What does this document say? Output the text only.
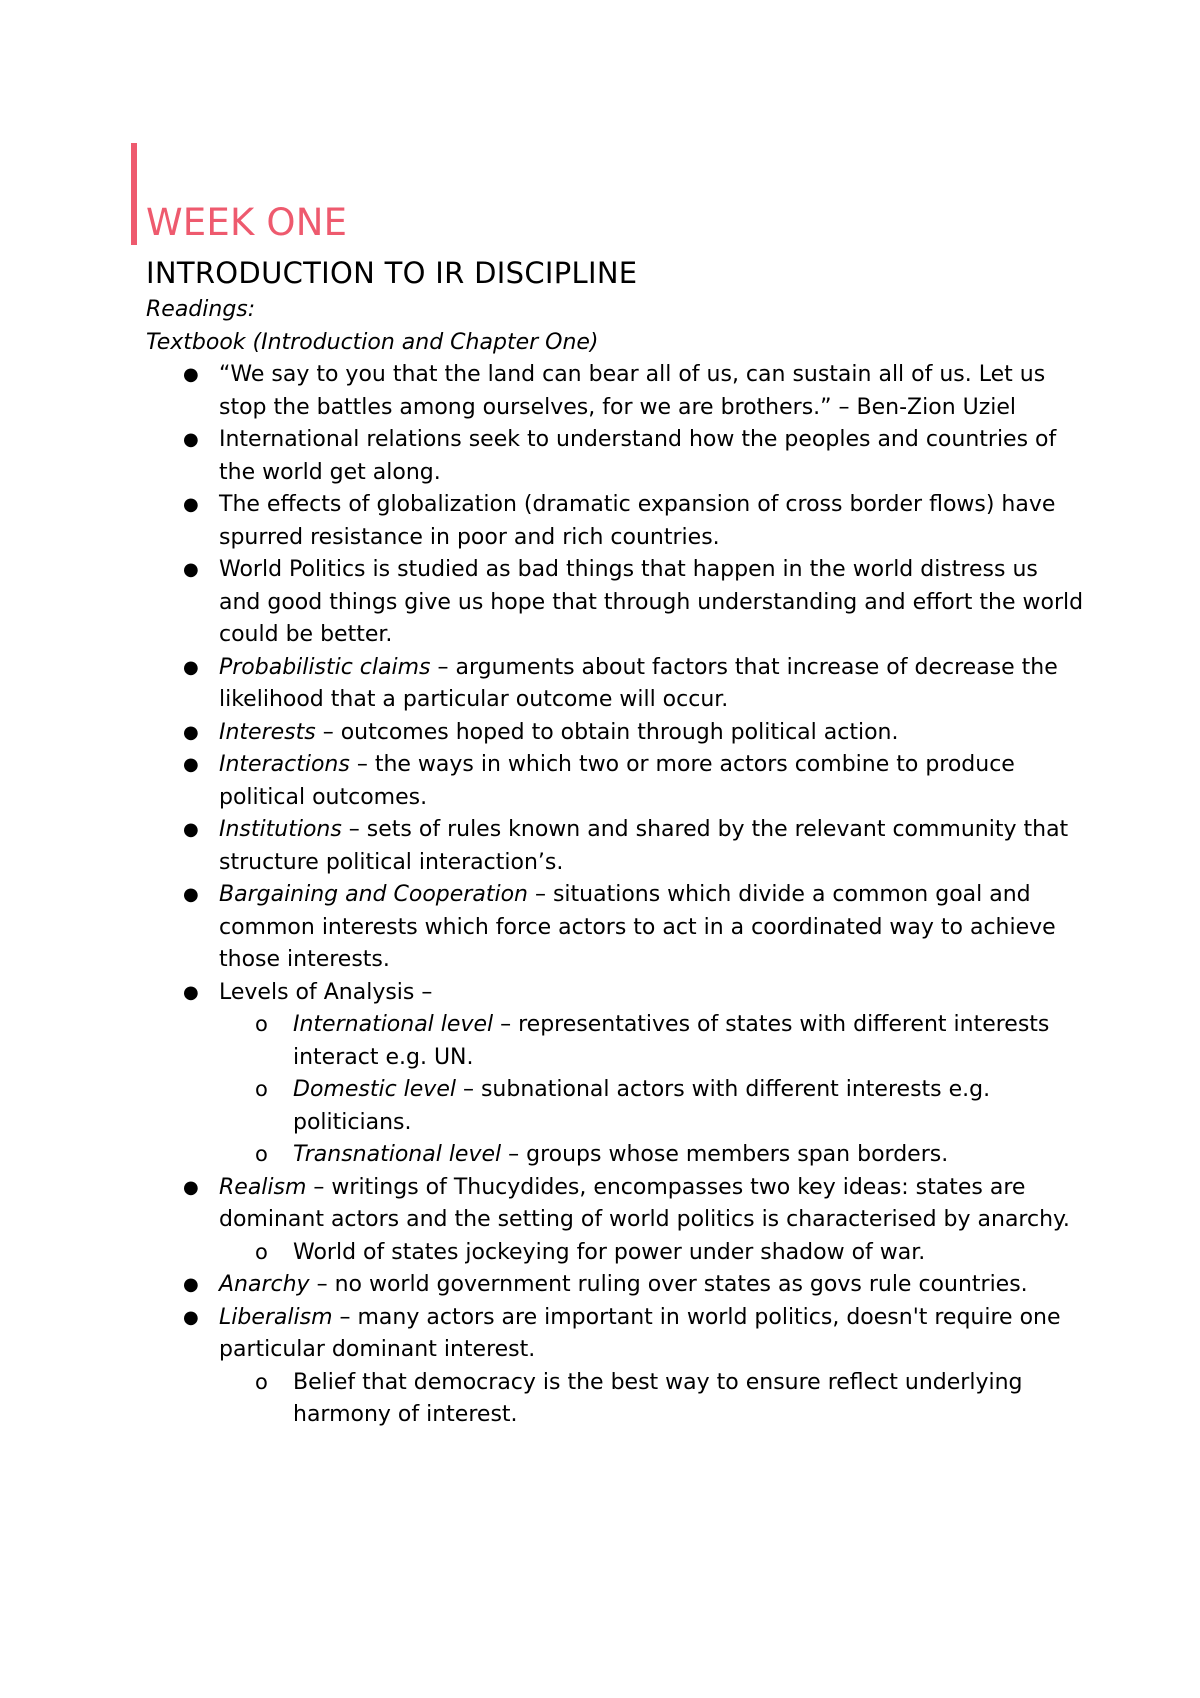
WEEK ONE
INTRODUCTION TO IR DISCIPLINE
Readings:
Textbook (Introduction and Chapter One)
● “We say to you that the land can bear all of us, can sustain all of us. Let us stop the battles among ourselves, for we are brothers.” – Ben-Zion Uziel
● International relations seek to understand how the peoples and countries of the world get along.
● The effects of globalization (dramatic expansion of cross border flows) have spurred resistance in poor and rich countries.
● World Politics is studied as bad things that happen in the world distress us and good things give us hope that through understanding and effort the world could be better.
● Probabilistic claims – arguments about factors that increase of decrease the likelihood that a particular outcome will occur.
● Interests – outcomes hoped to obtain through political action.
● Interactions – the ways in which two or more actors combine to produce political outcomes.
● Institutions – sets of rules known and shared by the relevant community that structure political interaction’s.
● Bargaining and Cooperation – situations which divide a common goal and common interests which force actors to act in a coordinated way to achieve those interests.
● Levels of Analysis –
o International level – representatives of states with different interests interact e.g. UN.
o Domestic level – subnational actors with different interests e.g. politicians.
o Transnational level – groups whose members span borders.
● Realism – writings of Thucydides, encompasses two key ideas: states are dominant actors and the setting of world politics is characterised by anarchy.
o World of states jockeying for power under shadow of war.
● Anarchy – no world government ruling over states as govs rule countries.
● Liberalism – many actors are important in world politics, doesn't require one particular dominant interest.
o Belief that democracy is the best way to ensure reflect underlying harmony of interest.
